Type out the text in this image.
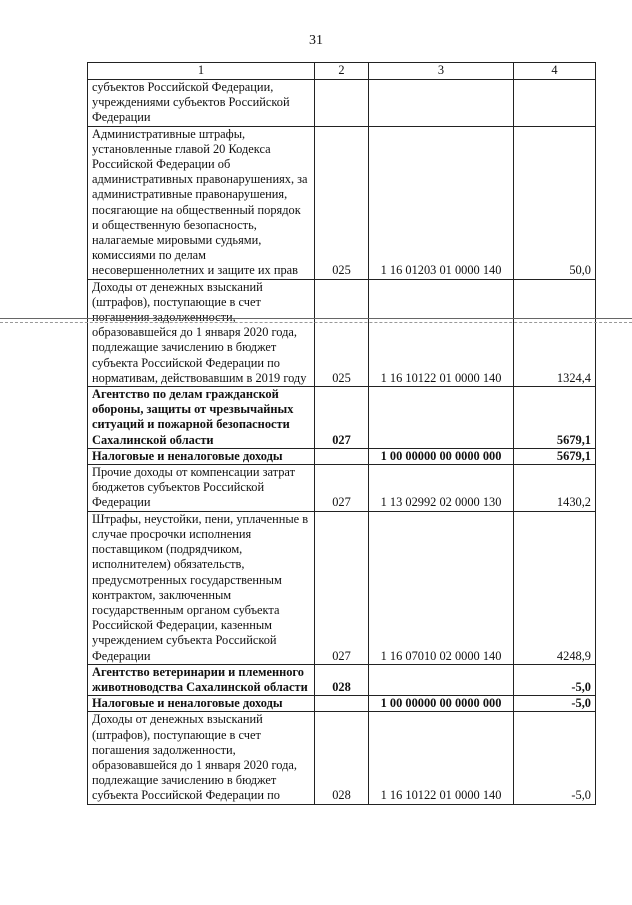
31
1	2	3	4
субъектов Российской Федерации, учреждениями субъектов Российской Федерации			
Административные штрафы, установленные главой 20 Кодекса Российской Федерации об административных правонарушениях, за административные правонарушения, посягающие на общественный порядок и общественную безопасность, налагаемые мировыми судьями, комиссиями по делам несовершеннолетних и защите их прав	025	1 16 01203 01 0000 140	50,0
Доходы от денежных взысканий (штрафов), поступающие в счет погашения задолженности, образовавшейся до 1 января 2020 года, подлежащие зачислению в бюджет субъекта Российской Федерации по нормативам, действовавшим в 2019 году	025	1 16 10122 01 0000 140	1324,4
Агентство по делам гражданской обороны, защиты от чрезвычайных ситуаций и пожарной безопасности Сахалинской области	027		5679,1
Налоговые и неналоговые доходы		1 00 00000 00 0000 000	5679,1
Прочие доходы от компенсации затрат бюджетов субъектов Российской Федерации	027	1 13 02992 02 0000 130	1430,2
Штрафы, неустойки, пени, уплаченные в случае просрочки исполнения поставщиком (подрядчиком, исполнителем) обязательств, предусмотренных государственным контрактом, заключенным государственным органом субъекта Российской Федерации, казенным учреждением субъекта Российской Федерации	027	1 16 07010 02 0000 140	4248,9
Агентство ветеринарии и племенного животноводства Сахалинской области	028		-5,0
Налоговые и неналоговые доходы		1 00 00000 00 0000 000	-5,0
Доходы от денежных взысканий (штрафов), поступающие в счет погашения задолженности, образовавшейся до 1 января 2020 года, подлежащие зачислению в бюджет субъекта Российской Федерации по	028	1 16 10122 01 0000 140	-5,0
